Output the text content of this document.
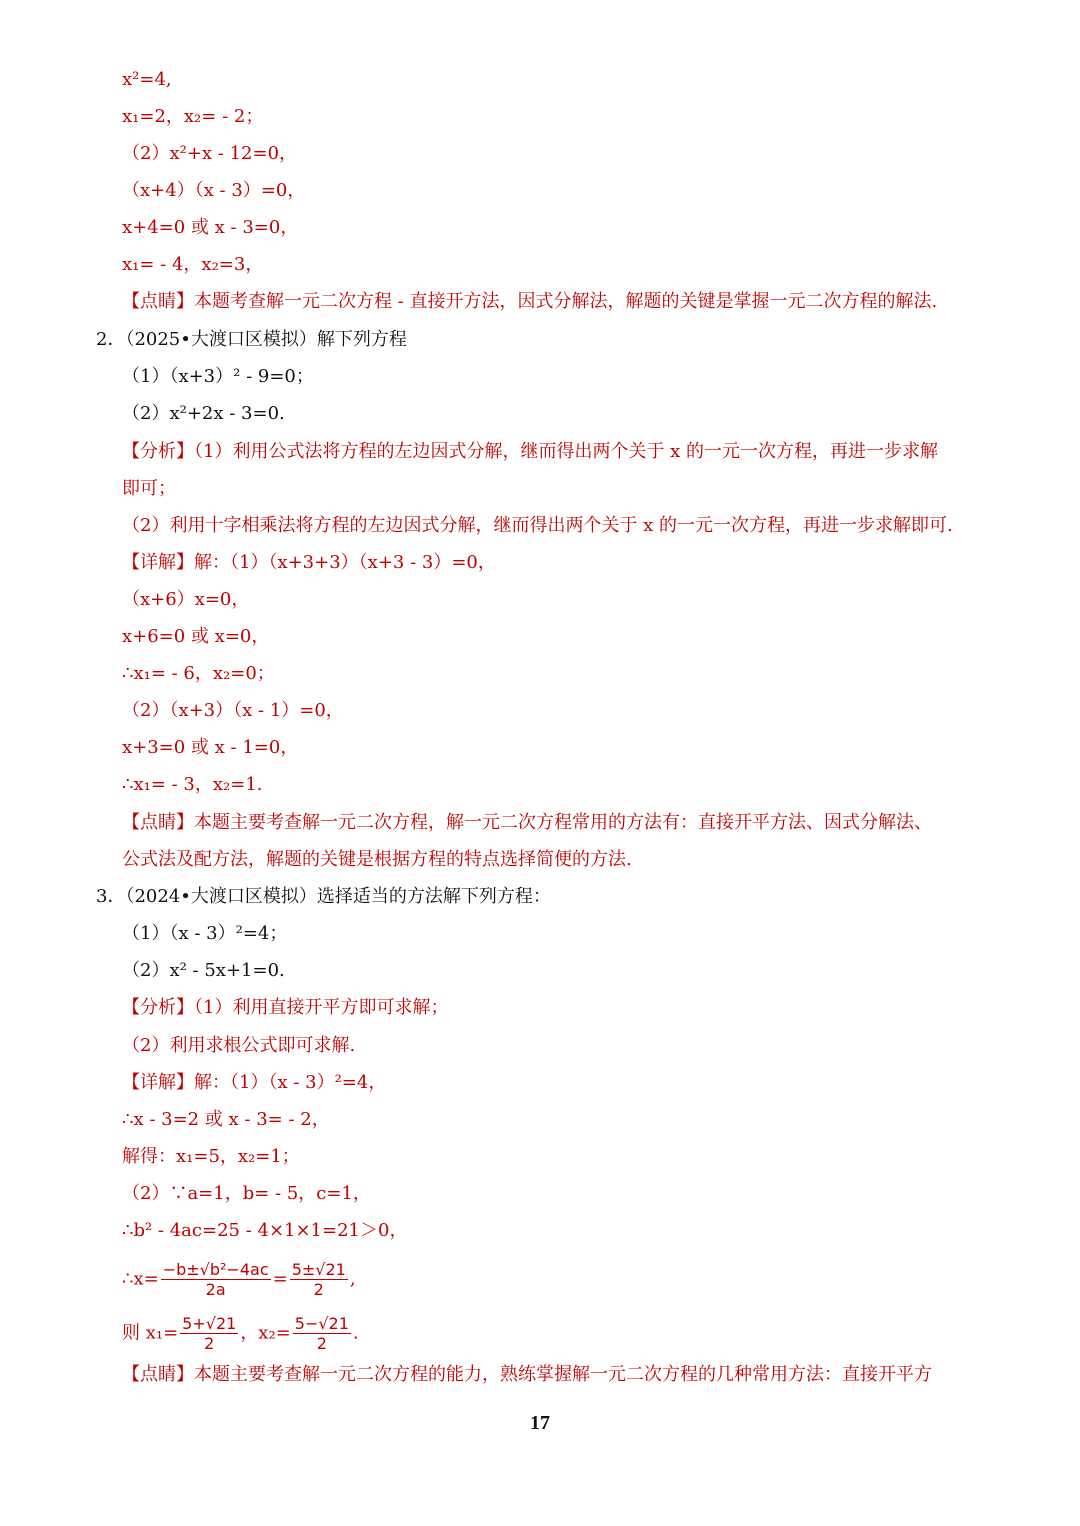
x²=4,
x₁=2，x₂= - 2；
（2）x²+x - 12=0，
（x+4）（x - 3）=0，
x+4=0 或 x - 3=0，
x₁= - 4，x₂=3，
【点睛】本题考查解一元二次方程 - 直接开方法，因式分解法，解题的关键是掌握一元二次方程的解法.
2．（2025•大渡口区模拟）解下列方程
（1）（x+3）² - 9=0；
（2）x²+2x - 3=0.
【分析】（1）利用公式法将方程的左边因式分解，继而得出两个关于 x 的一元一次方程，再进一步求解
即可；
（2）利用十字相乘法将方程的左边因式分解，继而得出两个关于 x 的一元一次方程，再进一步求解即可.
【详解】解：（1）（x+3+3）（x+3 - 3）=0，
（x+6）x=0，
x+6=0 或 x=0，
∴x₁= - 6，x₂=0；
（2）（x+3）（x - 1）=0，
x+3=0 或 x - 1=0，
∴x₁= - 3，x₂=1.
【点睛】本题主要考查解一元二次方程，解一元二次方程常用的方法有：直接开平方法、因式分解法、
公式法及配方法，解题的关键是根据方程的特点选择简便的方法.
3．（2024•大渡口区模拟）选择适当的方法解下列方程：
（1）（x - 3）²=4；
（2）x² - 5x+1=0.
【分析】（1）利用直接开平方即可求解；
（2）利用求根公式即可求解.
【详解】解：（1）（x - 3）²=4，
∴x - 3=2 或 x - 3= - 2，
解得：x₁=5，x₂=1；
（2）∵a=1，b= - 5，c=1，
∴b² - 4ac=25 - 4×1×1=21＞0，
∴x= $\frac{\text{−b±√b²−4ac}}{2a} = \frac{5\pm√21}{2}$ ,
则 $x_1= \frac{5+√21}{2}$ ，$x_2= \frac{5-√21}{2}$ .
【点睛】本题主要考查解一元二次方程的能力，熟练掌握解一元二次方程的几种常用方法：直接开平方
17
